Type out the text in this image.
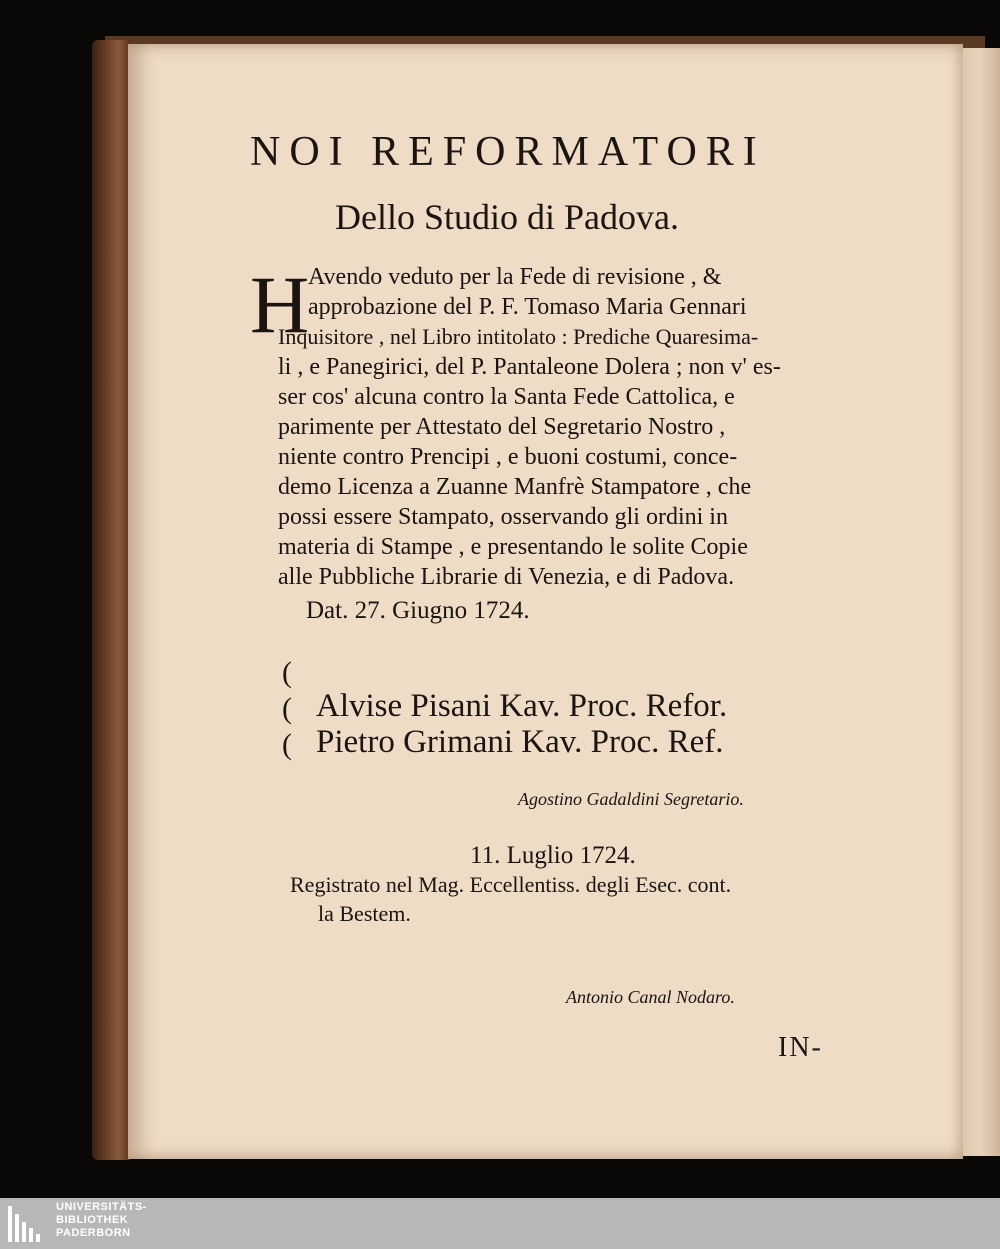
NOI REFORMATORI
Dello Studio di Padova.
H
Avendo veduto per la Fede di revisione , &
approbazione del P. F. Tomaso Maria Gennari
Inquisitore , nel Libro intitolato : Prediche Quaresima-
li , e Panegirici, del P. Pantaleone Dolera ; non v' es-
ser cos' alcuna contro la Santa Fede Cattolica, e
parimente per Attestato del Segretario Nostro ,
niente contro Prencipi , e buoni costumi, conce-
demo Licenza a Zuanne Manfrè Stampatore , che
possi essere Stampato, osservando gli ordini in
materia di Stampe , e presentando le solite Copie
alle Pubbliche Librarie di Venezia, e di Padova.
Dat. 27. Giugno 1724.
(
(
(
Alvise Pisani Kav. Proc. Refor.
Pietro Grimani Kav. Proc. Ref.
Agostino Gadaldini Segretario.
11. Luglio 1724.
Registrato nel Mag. Eccellentiss. degli Esec. cont.
la Bestem.
Antonio Canal Nodaro.
IN-
UNIVERSITÄTS-
BIBLIOTHEK
PADERBORN
